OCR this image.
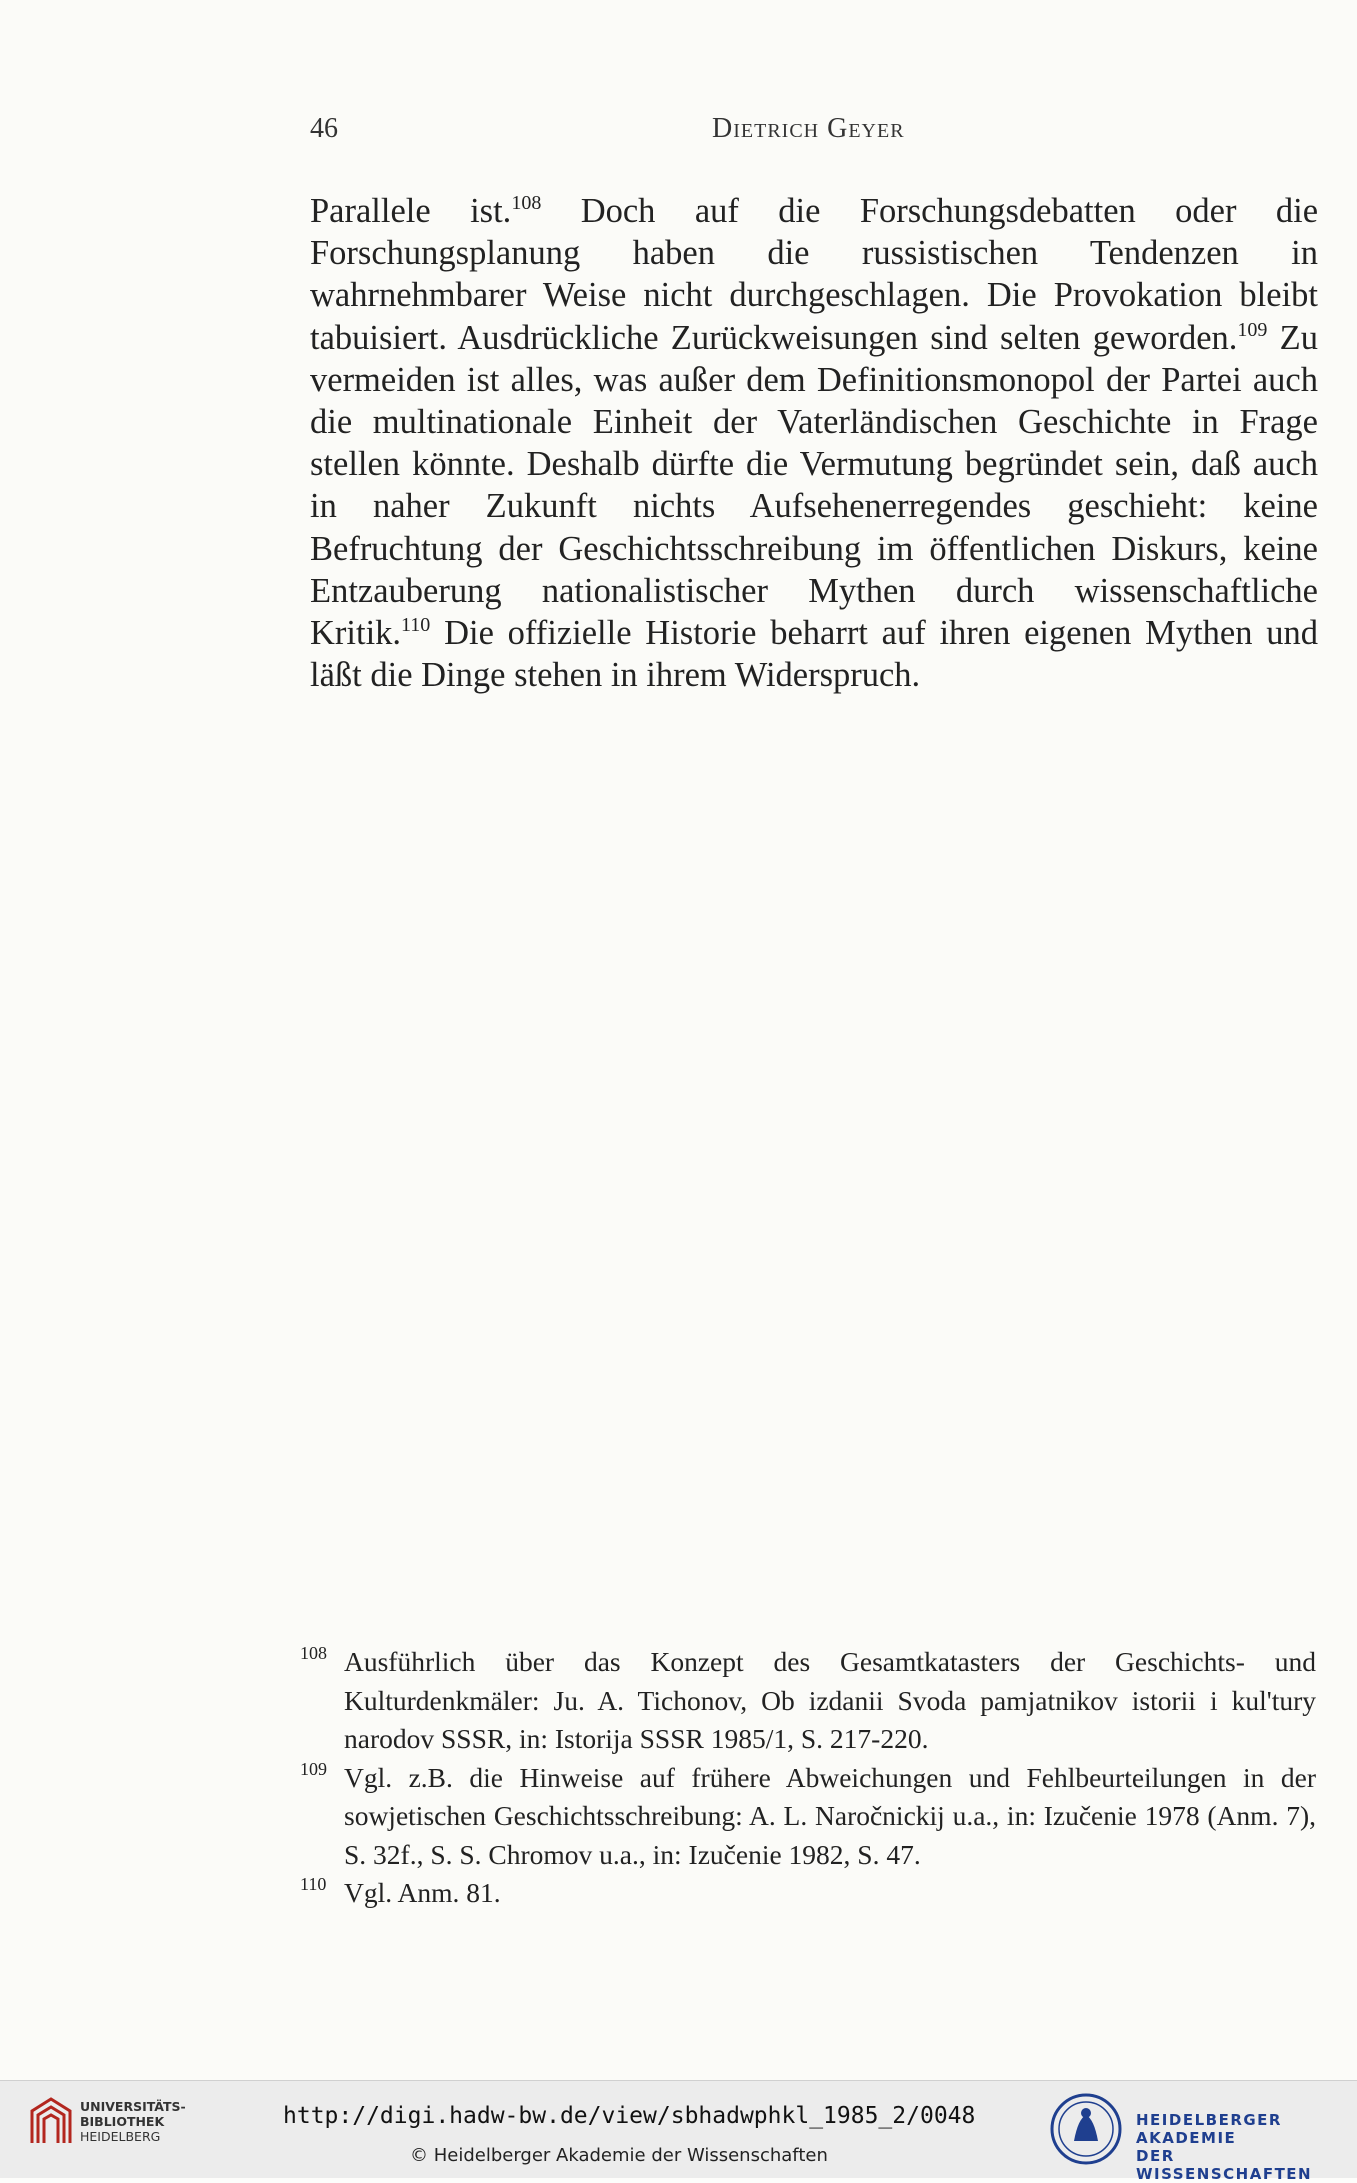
46	Dietrich Geyer

Parallele ist.$^{108}$ Doch auf die Forschungsdebatten oder die Forschungsplanung haben die russistischen Tendenzen in wahrnehmbarer Weise nicht durchgeschlagen. Die Provokation bleibt tabuisiert. Ausdrückliche Zurückweisungen sind selten geworden.$^{109}$ Zu vermeiden ist alles, was außer dem Definitionsmonopol der Partei auch die multinationale Einheit der Vaterländischen Geschichte in Frage stellen könnte. Deshalb dürfte die Vermutung begründet sein, daß auch in naher Zukunft nichts Aufsehenerregendes geschieht: keine Befruchtung der Geschichtsschreibung im öffentlichen Diskurs, keine Entzauberung nationalistischer Mythen durch wissenschaftliche Kritik.$^{110}$ Die offizielle Historie beharrt auf ihren eigenen Mythen und läßt die Dinge stehen in ihrem Widerspruch.

108 Ausführlich über das Konzept des Gesamtkatasters der Geschichts- und Kulturdenkmäler: Ju. A. Tichonov, Ob izdanii Svoda pamjatnikov istorii i kul'tury narodov SSSR, in: Istorija SSSR 1985/1, S. 217-220.
109 Vgl. z.B. die Hinweise auf frühere Abweichungen und Fehlbeurteilungen in der sowjetischen Geschichtsschreibung: A. L. Naročnickij u.a., in: Izučenie 1978 (Anm. 7), S. 32f., S. S. Chromov u.a., in: Izučenie 1982, S. 47.
110 Vgl. Anm. 81.
UNIVERSITÄTS-
BIBLIOTHEK
HEIDELBERG
http://digi.hadw-bw.de/view/sbhadwphkl_1985_2/0048
© Heidelberger Akademie der Wissenschaften
HEIDELBERGER AKADEMIE
DER WISSENSCHAFTEN
